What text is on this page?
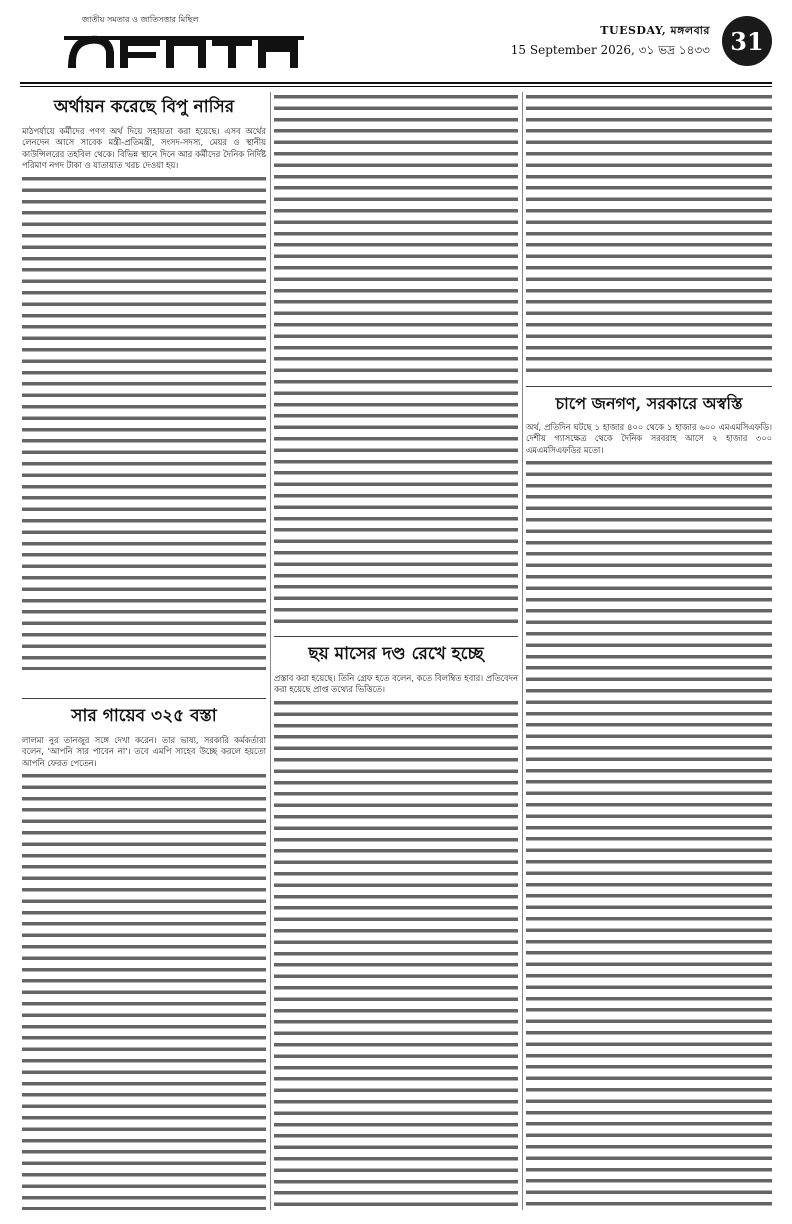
জাতীয় সমতার ও জাতিসত্তার মিছিল
TUESDAY, মঙ্গলবার
15 September 2026, ৩১ ভদ্র ১৪৩৩ 31
অর্থায়ন করেছে বিপু নাসির
মাঠপর্যায়ে কর্মীদের পণণ অর্থ দিয়ে সহায়তা করা হয়েছে। এসব অর্থের লেনদেন আসে সাবেক মন্ত্রী-প্রতিমন্ত্রী, সংসদ-সদস্য, মেয়র ও স্থানীয় কাউন্সিলরের তহবিল থেকে। বিভিন্ন স্থানে দিনে আর কর্মীদের দৈনিক নির্দিষ্ট পরিমাণ নগদ টাকা ও যাতায়াত খরচ দেওয়া হয়।
সার গায়েব ৩২৫ বস্তা
লালমা নুর তানজুর সঙ্গে দেখা করেন। তার ভাষ্য, সরকারি কর্মকর্তারা বলেন, 'আপনি সার পাবেন না'। তবে এমপি সাহেব উচ্ছে করলে হয়তো আপনি ফেরত পেতেন।
ছয় মাসের দণ্ড রেখে হচ্ছে
প্রস্তাব করা হয়েছে। তিনি গ্রেফ হতে বলেন, কতে বিলম্বিত হবার। প্রতিবেদন করা হয়েছে প্রাপ্ত তথ্যের ভিত্তিতে।
চাপে জনগণ, সরকারে অস্বস্তি
অর্থ, প্রতিদিন ঘটছে ১ হাজার ৪০০ থেকে ১ হাজার ৬০০ এমএমসিএফডি। দেশীয় গ্যাসক্ষেত্র থেকে দৈনিক সরবরাহ আসে ২ হাজার ৩০০ এমএমসিএফডির মতো।
